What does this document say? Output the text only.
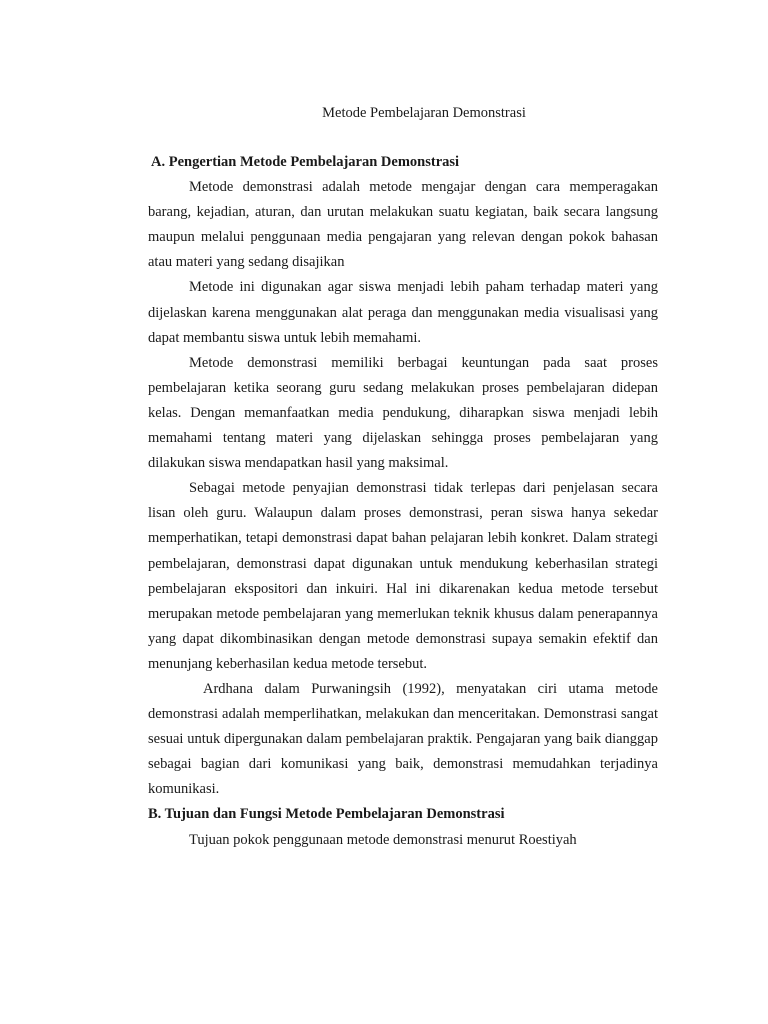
Metode Pembelajaran Demonstrasi

A. Pengertian Metode Pembelajaran Demonstrasi

Metode demonstrasi adalah metode mengajar dengan cara memperagakan barang, kejadian, aturan, dan urutan melakukan suatu kegiatan, baik secara langsung maupun melalui penggunaan media pengajaran yang relevan dengan pokok bahasan atau materi yang sedang disajikan

Metode ini digunakan agar siswa menjadi lebih paham terhadap materi yang dijelaskan karena menggunakan alat peraga dan menggunakan media visualisasi yang dapat membantu siswa untuk lebih memahami.

Metode demonstrasi memiliki berbagai keuntungan pada saat proses pembelajaran ketika seorang guru sedang melakukan proses pembelajaran didepan kelas. Dengan memanfaatkan media pendukung, diharapkan siswa menjadi lebih memahami tentang materi yang dijelaskan sehingga proses pembelajaran yang dilakukan siswa mendapatkan hasil yang maksimal.

Sebagai metode penyajian demonstrasi tidak terlepas dari penjelasan secara lisan oleh guru. Walaupun dalam proses demonstrasi, peran siswa hanya sekedar memperhatikan, tetapi demonstrasi dapat bahan pelajaran lebih konkret. Dalam strategi pembelajaran, demonstrasi dapat digunakan untuk mendukung keberhasilan strategi pembelajaran ekspositori dan inkuiri. Hal ini dikarenakan kedua metode tersebut merupakan metode pembelajaran yang memerlukan teknik khusus dalam penerapannya yang dapat dikombinasikan dengan metode demonstrasi supaya semakin efektif dan menunjang keberhasilan kedua metode tersebut.

Ardhana dalam Purwaningsih (1992), menyatakan ciri utama metode demonstrasi adalah memperlihatkan, melakukan dan menceritakan. Demonstrasi sangat sesuai untuk dipergunakan dalam pembelajaran praktik. Pengajaran yang baik dianggap sebagai bagian dari komunikasi yang baik, demonstrasi memudahkan terjadinya komunikasi.

B. Tujuan dan Fungsi Metode Pembelajaran Demonstrasi

Tujuan pokok penggunaan metode demonstrasi menurut Roestiyah
